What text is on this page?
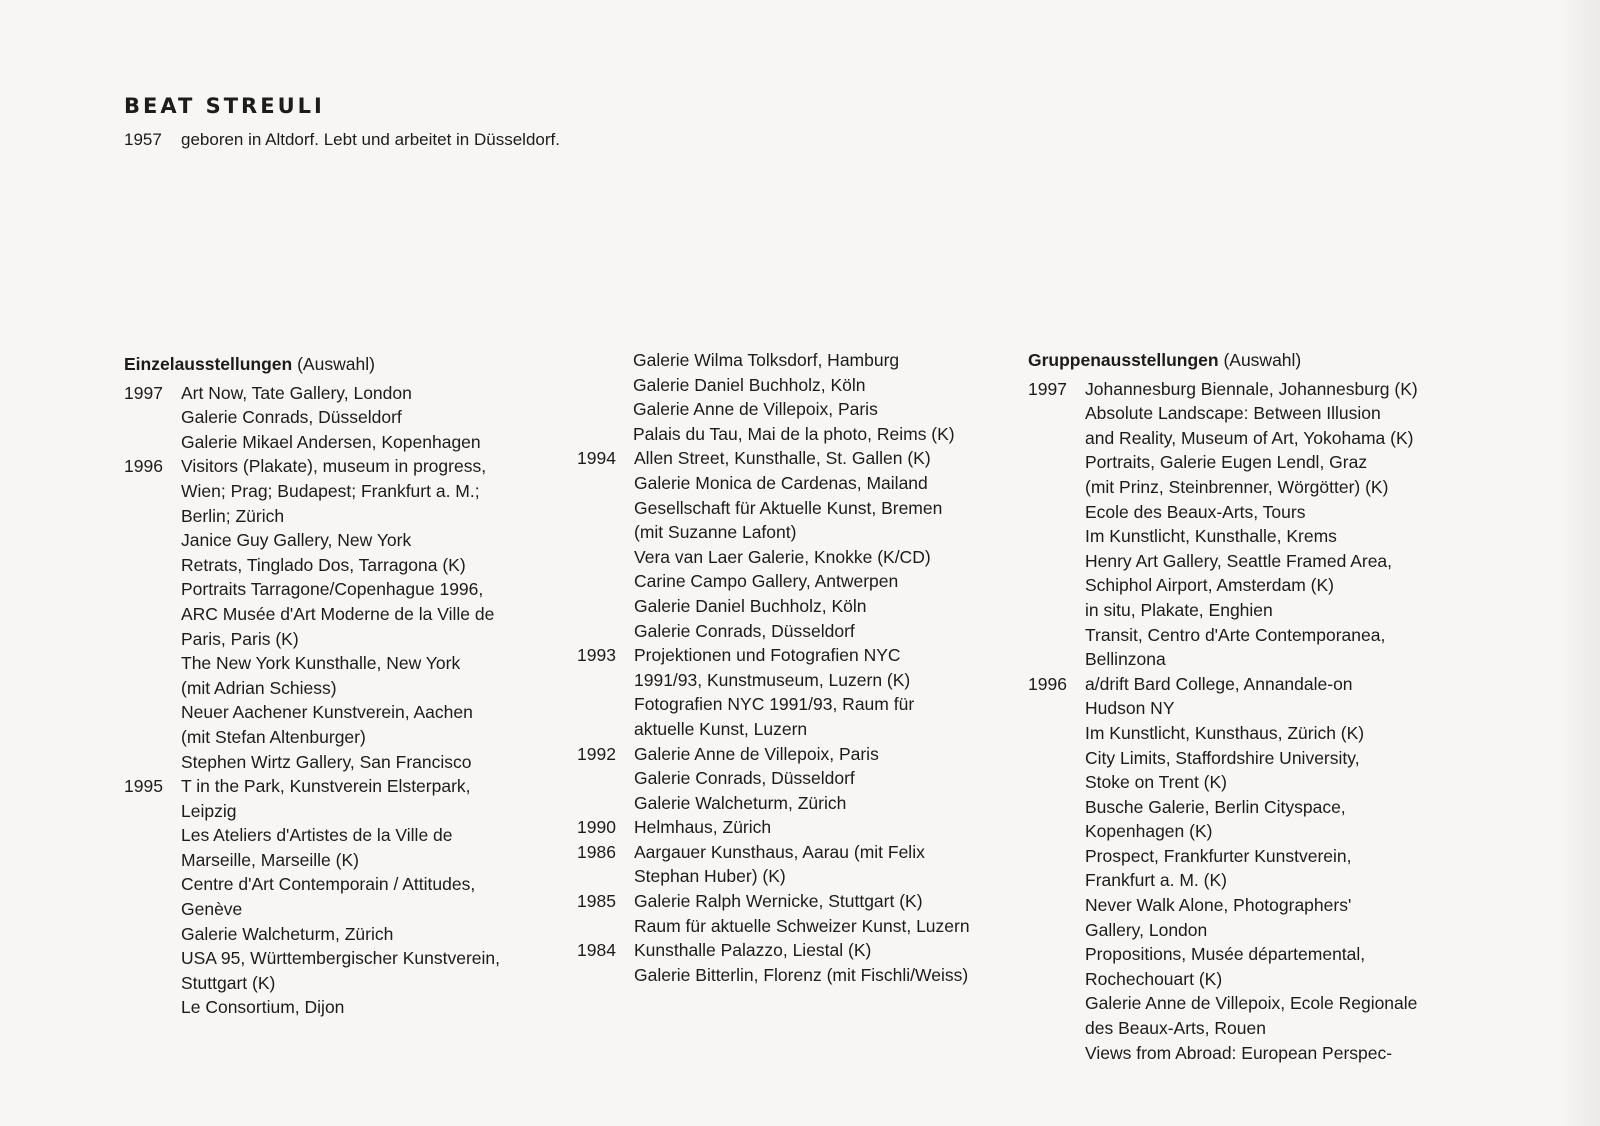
BEAT STREULI
1957	geboren in Altdorf. Lebt und arbeitet in Düsseldorf.
Einzelausstellungen (Auswahl)
1997	Art Now, Tate Gallery, London
Galerie Conrads, Düsseldorf
Galerie Mikael Andersen, Kopenhagen
1996	Visitors (Plakate), museum in progress,
Wien; Prag; Budapest; Frankfurt a. M.;
Berlin; Zürich
Janice Guy Gallery, New York
Retrats, Tinglado Dos, Tarragona (K)
Portraits Tarragone/Copenhague 1996,
ARC Musée d'Art Moderne de la Ville de
Paris, Paris (K)
The New York Kunsthalle, New York
(mit Adrian Schiess)
Neuer Aachener Kunstverein, Aachen
(mit Stefan Altenburger)
Stephen Wirtz Gallery, San Francisco
1995	T in the Park, Kunstverein Elsterpark,
Leipzig
Les Ateliers d'Artistes de la Ville de
Marseille, Marseille (K)
Centre d'Art Contemporain / Attitudes,
Genève
Galerie Walcheturm, Zürich
USA 95, Württembergischer Kunstverein,
Stuttgart (K)
Le Consortium, Dijon
Galerie Wilma Tolksdorf, Hamburg
Galerie Daniel Buchholz, Köln
Galerie Anne de Villepoix, Paris
Palais du Tau, Mai de la photo, Reims (K)
1994	Allen Street, Kunsthalle, St. Gallen (K)
Galerie Monica de Cardenas, Mailand
Gesellschaft für Aktuelle Kunst, Bremen
(mit Suzanne Lafont)
Vera van Laer Galerie, Knokke (K/CD)
Carine Campo Gallery, Antwerpen
Galerie Daniel Buchholz, Köln
Galerie Conrads, Düsseldorf
1993	Projektionen und Fotografien NYC
1991/93, Kunstmuseum, Luzern (K)
Fotografien NYC 1991/93, Raum für
aktuelle Kunst, Luzern
1992	Galerie Anne de Villepoix, Paris
Galerie Conrads, Düsseldorf
Galerie Walcheturm, Zürich
1990	Helmhaus, Zürich
1986	Aargauer Kunsthaus, Aarau (mit Felix
Stephan Huber) (K)
1985	Galerie Ralph Wernicke, Stuttgart (K)
Raum für aktuelle Schweizer Kunst, Luzern
1984	Kunsthalle Palazzo, Liestal (K)
Galerie Bitterlin, Florenz (mit Fischli/Weiss)
Gruppenausstellungen (Auswahl)
1997	Johannesburg Biennale, Johannesburg (K)
Absolute Landscape: Between Illusion
and Reality, Museum of Art, Yokohama (K)
Portraits, Galerie Eugen Lendl, Graz
(mit Prinz, Steinbrenner, Wörgötter) (K)
Ecole des Beaux-Arts, Tours
Im Kunstlicht, Kunsthalle, Krems
Henry Art Gallery, Seattle Framed Area,
Schiphol Airport, Amsterdam (K)
in situ, Plakate, Enghien
Transit, Centro d'Arte Contemporanea,
Bellinzona
1996	a/drift Bard College, Annandale-on
Hudson NY
Im Kunstlicht, Kunsthaus, Zürich (K)
City Limits, Staffordshire University,
Stoke on Trent (K)
Busche Galerie, Berlin Cityspace,
Kopenhagen (K)
Prospect, Frankfurter Kunstverein,
Frankfurt a. M. (K)
Never Walk Alone, Photographers'
Gallery, London
Propositions, Musée départemental,
Rochechouart (K)
Galerie Anne de Villepoix, Ecole Regionale
des Beaux-Arts, Rouen
Views from Abroad: European Perspec-
